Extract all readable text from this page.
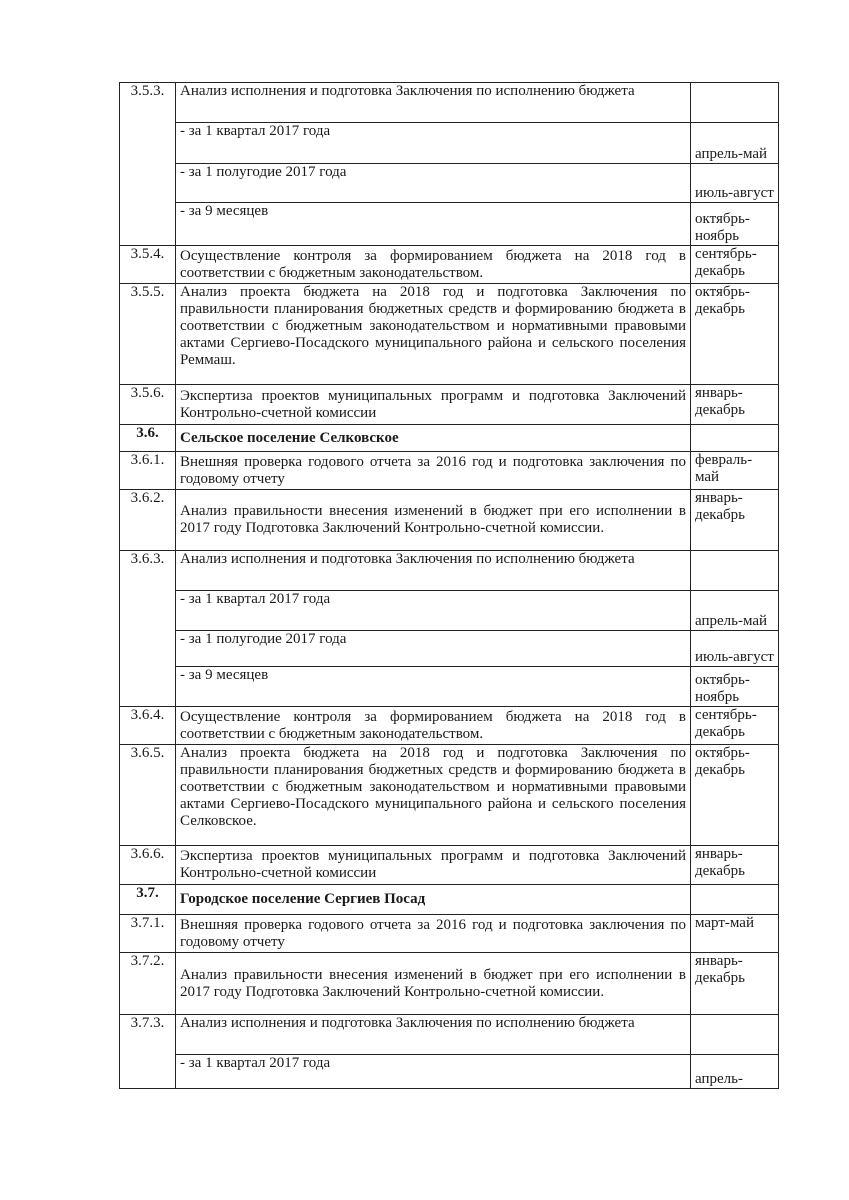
3.5.3.	Анализ исполнения и подготовка Заключения по исполнению бюджета	
	- за 1 квартал 2017 года	апрель-май
	- за 1 полугодие 2017 года	июль-август
	- за 9 месяцев	октябрь-ноябрь
3.5.4.	Осуществление контроля за формированием бюджета на 2018 год в соответствии с бюджетным законодательством.	сентябрь-декабрь
3.5.5.	Анализ проекта бюджета на 2018 год и подготовка Заключения по правильности планирования бюджетных средств и формированию бюджета в соответствии с бюджетным законодательством и нормативными правовыми актами Сергиево-Посадского муниципального района и сельского поселения Реммаш.	октябрь-декабрь
3.5.6.	Экспертиза проектов муниципальных программ и подготовка Заключений Контрольно-счетной комиссии	январь-декабрь
3.6.	Сельское поселение Селковское	
3.6.1.	Внешняя проверка годового отчета за 2016 год и подготовка заключения по годовому отчету	февраль-май
3.6.2.	Анализ правильности внесения изменений в бюджет при его исполнении в 2017 году Подготовка Заключений Контрольно-счетной комиссии.	январь-декабрь
3.6.3.	Анализ исполнения и подготовка Заключения по исполнению бюджета	
	- за 1 квартал 2017 года	апрель-май
	- за 1 полугодие 2017 года	июль-август
	- за 9 месяцев	октябрь-ноябрь
3.6.4.	Осуществление контроля за формированием бюджета на 2018 год в соответствии с бюджетным законодательством.	сентябрь-декабрь
3.6.5.	Анализ проекта бюджета на 2018 год и подготовка Заключения по правильности планирования бюджетных средств и формированию бюджета в соответствии с бюджетным законодательством и нормативными правовыми актами Сергиево-Посадского муниципального района и сельского поселения Селковское.	октябрь-декабрь
3.6.6.	Экспертиза проектов муниципальных программ и подготовка Заключений Контрольно-счетной комиссии	январь-декабрь
3.7.	Городское поселение Сергиев Посад	
3.7.1.	Внешняя проверка годового отчета за 2016 год и подготовка заключения по годовому отчету	март-май
3.7.2.	Анализ правильности внесения изменений в бюджет при его исполнении в 2017 году Подготовка Заключений Контрольно-счетной комиссии.	январь-декабрь
3.7.3.	Анализ исполнения и подготовка Заключения по исполнению бюджета	
	- за 1 квартал 2017 года	апрель-
